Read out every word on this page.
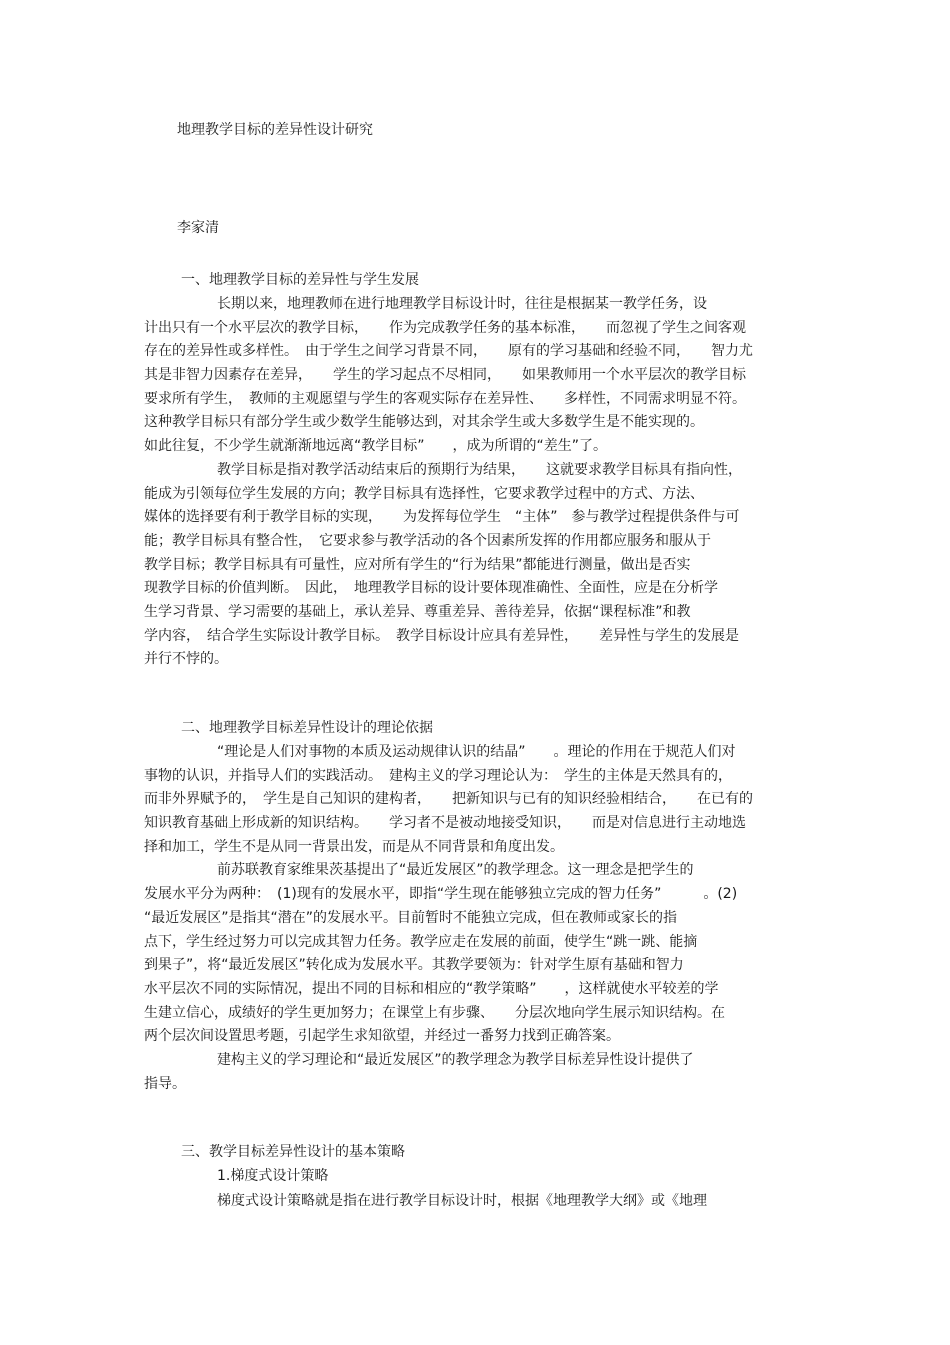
地理教学目标的差异性设计研究
李家清
一、地理教学目标的差异性与学生发展
长期以来，地理教师在进行地理教学目标设计时，往往是根据某一教学任务，设
计出只有一个水平层次的教学目标，　　作为完成教学任务的基本标准，　　而忽视了学生之间客观
存在的差异性或多样性。　由于学生之间学习背景不同，　　原有的学习基础和经验不同，　　智力尤
其是非智力因素存在差异，　　学生的学习起点不尽相同，　　如果教师用一个水平层次的教学目标
要求所有学生，　教师的主观愿望与学生的客观实际存在差异性、　　多样性，不同需求明显不符。
这种教学目标只有部分学生或少数学生能够达到，对其余学生或大多数学生是不能实现的。
如此往复，不少学生就渐渐地远离“教学目标”　　，成为所谓的“差生”了。
教学目标是指对教学活动结束后的预期行为结果，　　这就要求教学目标具有指向性，
能成为引领每位学生发展的方向；教学目标具有选择性，它要求教学过程中的方式、方法、
媒体的选择要有利于教学目标的实现，　　为发挥每位学生　“主体”　参与教学过程提供条件与可
能；教学目标具有整合性，　它要求参与教学活动的各个因素所发挥的作用都应服务和服从于
教学目标；教学目标具有可量性，应对所有学生的“行为结果”都能进行测量，做出是否实
现教学目标的价值判断。　因此，　地理教学目标的设计要体现准确性、全面性，应是在分析学
生学习背景、学习需要的基础上，承认差异、尊重差异、善待差异，依据“课程标准”和教
学内容，　结合学生实际设计教学目标。　教学目标设计应具有差异性，　　差异性与学生的发展是
并行不悖的。
二、地理教学目标差异性设计的理论依据
“理论是人们对事物的本质及运动规律认识的结晶”　　。理论的作用在于规范人们对
事物的认识，并指导人们的实践活动。　建构主义的学习理论认为：　学生的主体是天然具有的，
而非外界赋予的，　学生是自己知识的建构者，　　把新知识与已有的知识经验相结合，　　在已有的
知识教育基础上形成新的知识结构。　　学习者不是被动地接受知识，　　而是对信息进行主动地选
择和加工，学生不是从同一背景出发，而是从不同背景和角度出发。
前苏联教育家维果茨基提出了“最近发展区”的教学理念。这一理念是把学生的
发展水平分为两种：　(1)现有的发展水平，即指“学生现在能够独立完成的智力任务”　　　。(2)
“最近发展区”是指其“潜在”的发展水平。目前暂时不能独立完成，但在教师或家长的指
点下，学生经过努力可以完成其智力任务。教学应走在发展的前面，使学生“跳一跳、能摘
到果子”，将“最近发展区”转化成为发展水平。其教学要领为：针对学生原有基础和智力
水平层次不同的实际情况，提出不同的目标和相应的“教学策略”　　，这样就使水平较差的学
生建立信心，成绩好的学生更加努力；在课堂上有步骤、　　分层次地向学生展示知识结构。在
两个层次间设置思考题，引起学生求知欲望，并经过一番努力找到正确答案。
建构主义的学习理论和“最近发展区”的教学理念为教学目标差异性设计提供了
指导。
三、教学目标差异性设计的基本策略
1.梯度式设计策略
梯度式设计策略就是指在进行教学目标设计时，根据《地理教学大纲》或《地理
